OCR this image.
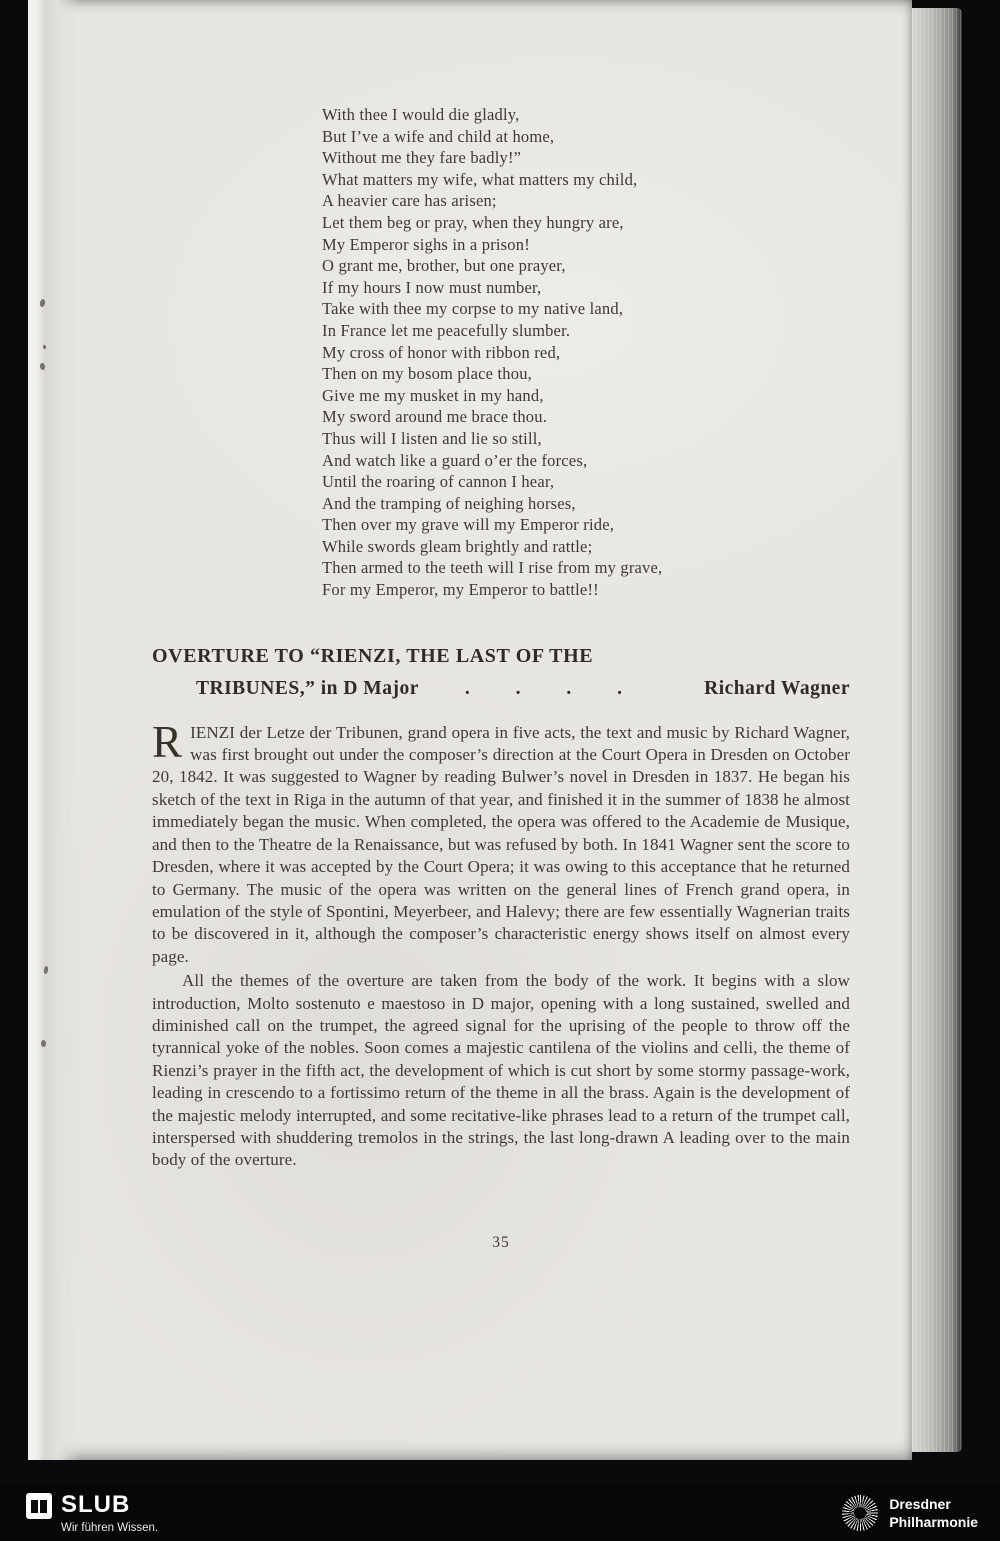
With thee I would die gladly,
But I’ve a wife and child at home,
Without me they fare badly!”
What matters my wife, what matters my child,
A heavier care has arisen;
Let them beg or pray, when they hungry are,
My Emperor sighs in a prison!
O grant me, brother, but one prayer,
If my hours I now must number,
Take with thee my corpse to my native land,
In France let me peacefully slumber.
My cross of honor with ribbon red,
Then on my bosom place thou,
Give me my musket in my hand,
My sword around me brace thou.
Thus will I listen and lie so still,
And watch like a guard o’er the forces,
Until the roaring of cannon I hear,
And the tramping of neighing horses,
Then over my grave will my Emperor ride,
While swords gleam brightly and rattle;
Then armed to the teeth will I rise from my grave,
For my Emperor, my Emperor to battle!!
OVERTURE TO “RIENZI, THE LAST OF THE
TRIBUNES,” in D Major . . . .	Richard Wagner

RIENZI der Letze der Tribunen, grand opera in five acts, the text and music by Richard Wagner, was first brought out under the composer’s direction at the Court Opera in Dresden on October 20, 1842. It was suggested to Wagner by reading Bulwer’s novel in Dresden in 1837. He began his sketch of the text in Riga in the autumn of that year, and finished it in the summer of 1838 he almost immediately began the music. When completed, the opera was offered to the Academie de Musique, and then to the Theatre de la Renaissance, but was refused by both. In 1841 Wagner sent the score to Dresden, where it was accepted by the Court Opera; it was owing to this acceptance that he returned to Germany. The music of the opera was written on the general lines of French grand opera, in emulation of the style of Spontini, Meyerbeer, and Halevy; there are few essentially Wagnerian traits to be discovered in it, although the composer’s characteristic energy shows itself on almost every page.

All the themes of the overture are taken from the body of the work. It begins with a slow introduction, Molto sostenuto e maestoso in D major, opening with a long sustained, swelled and diminished call on the trumpet, the agreed signal for the uprising of the people to throw off the tyrannical yoke of the nobles. Soon comes a majestic cantilena of the violins and celli, the theme of Rienzi’s prayer in the fifth act, the development of which is cut short by some stormy passage-work, leading in crescendo to a fortissimo return of the theme in all the brass. Again is the development of the majestic melody interrupted, and some recitative-like phrases lead to a return of the trumpet call, interspersed with shuddering tremolos in the strings, the last long-drawn A leading over to the main body of the overture.

35
SLUB
Wir führen Wissen.
Dresdner
Philharmonie
